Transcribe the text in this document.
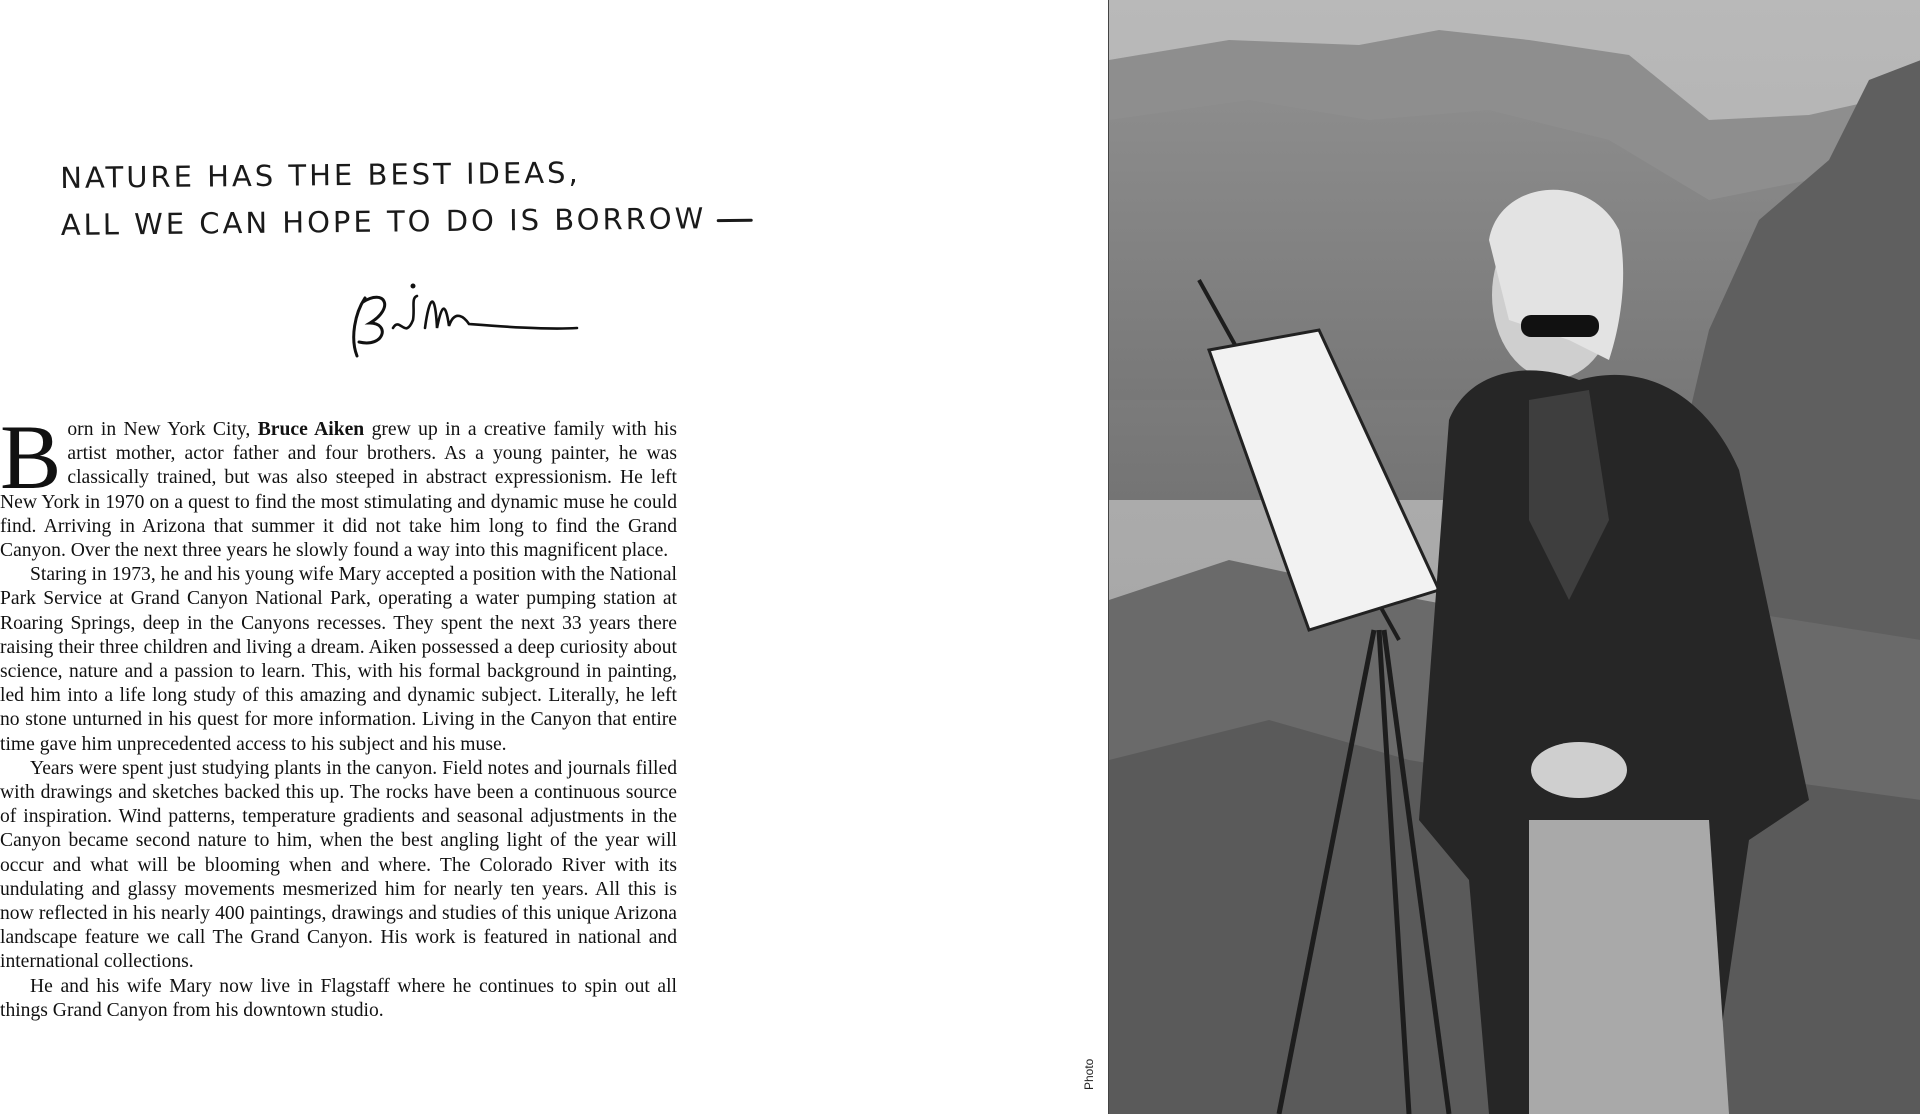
NATURE HAS THE BEST IDEAS,
ALL WE CAN HOPE TO DO IS BORROW

Born in New York City, Bruce Aiken grew up in a creative family with his artist mother, actor father and four brothers. As a young painter, he was classically trained, but was also steeped in abstract expressionism. He left New York in 1970 on a quest to find the most stimulating and dynamic muse he could find. Arriving in Arizona that summer it did not take him long to find the Grand Canyon. Over the next three years he slowly found a way into this magnificent place.

Staring in 1973, he and his young wife Mary accepted a position with the National Park Service at Grand Canyon National Park, operating a water pumping station at Roaring Springs, deep in the Canyons recesses. They spent the next 33 years there raising their three children and living a dream. Aiken possessed a deep curiosity about science, nature and a passion to learn. This, with his formal background in painting, led him into a life long study of this amazing and dynamic subject. Literally, he left no stone unturned in his quest for more information. Living in the Canyon that entire time gave him unprecedented access to his subject and his muse.

Years were spent just studying plants in the canyon. Field notes and journals filled with drawings and sketches backed this up. The rocks have been a continuous source of inspiration. Wind patterns, temperature gradients and seasonal adjustments in the Canyon became second nature to him, when the best angling light of the year will occur and what will be blooming when and where. The Colorado River with its undulating and glassy movements mesmerized him for nearly ten years. All this is now reflected in his nearly 400 paintings, drawings and studies of this unique Arizona landscape feature we call The Grand Canyon. His work is featured in national and international collections.

He and his wife Mary now live in Flagstaff where he continues to spin out all things Grand Canyon from his downtown studio.

Photo
